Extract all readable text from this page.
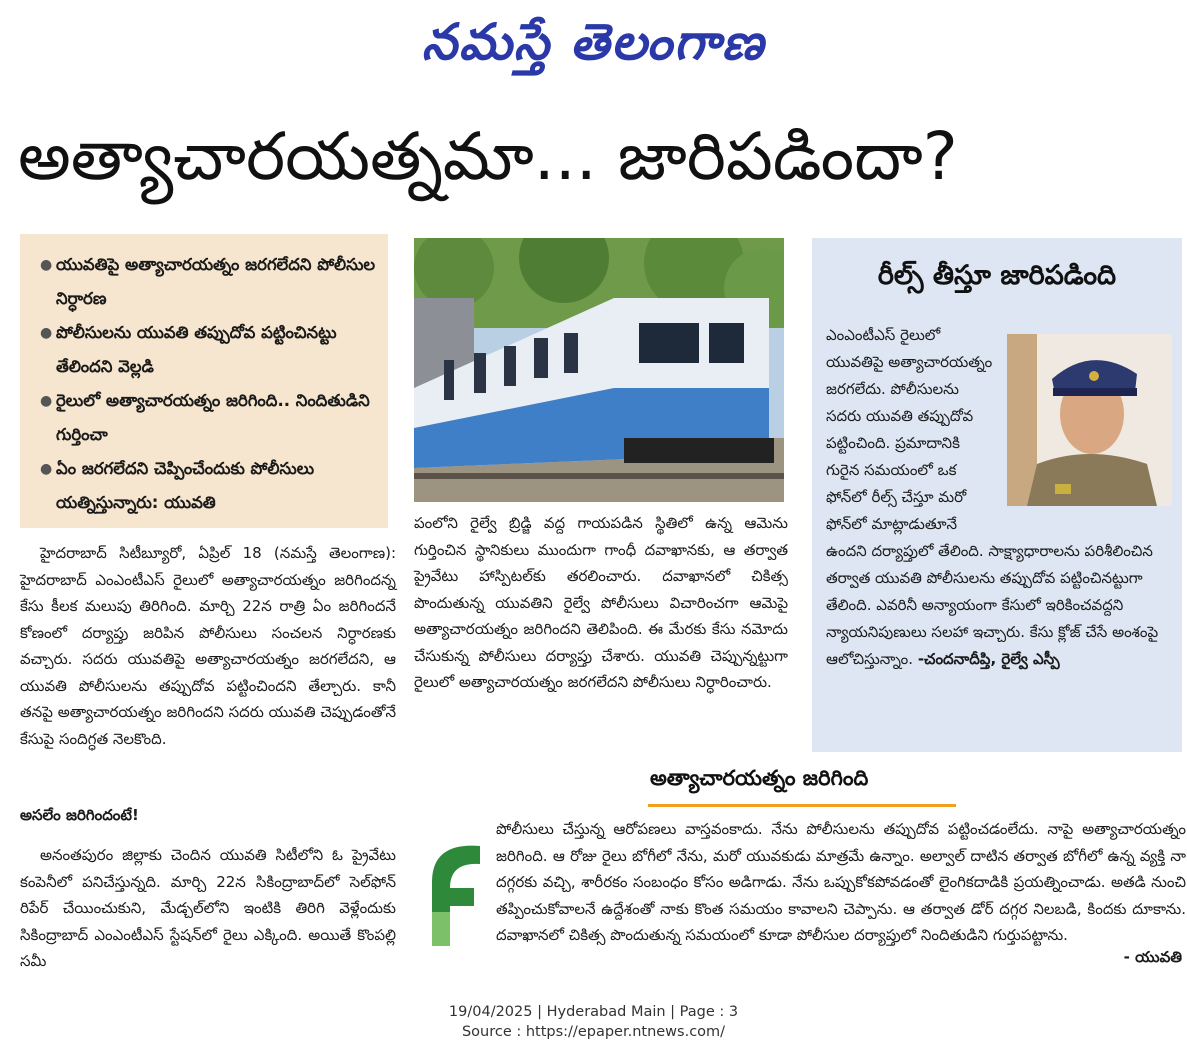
నమస్తే తెలంగాణ
అత్యాచారయత్నమా... జారిపడిందా?
● యువతిపై అత్యాచారయత్నం జరగలేదని పోలీసుల నిర్ధారణ
● పోలీసులను యువతి తప్పుదోవ పట్టించినట్టు తేలిందని వెల్లడి
● రైలులో అత్యాచారయత్నం జరిగింది.. నిందితుడిని గుర్తించా
● ఏం జరగలేదని చెప్పించేందుకు పోలీసులు యత్నిస్తున్నారు: యువతి
రీల్స్ తీస్తూ జారిపడింది
ఎంఎంటీఎస్ రైలులో యువతిపై అత్యాచారయత్నం జరగలేదు. పోలీసులను సదరు యువతి తప్పుదోవ పట్టించింది. ప్రమాదానికి గురైన సమయంలో ఒక ఫోన్‌లో రీల్స్ చేస్తూ మరో ఫోన్‌లో మాట్లాడుతూనే ఉందని దర్యాప్తులో తేలింది. సాక్ష్యాధారాలను పరిశీలించిన తర్వాత యువతి పోలీసులను తప్పుదోవ పట్టించినట్టుగా తేలింది. ఎవరినీ అన్యాయంగా కేసులో ఇరికించవద్దని న్యాయనిపుణులు సలహా ఇచ్చారు. కేసు క్లోజ్ చేసే అంశంపై ఆలోచిస్తున్నాం. -చందనాదీప్తి, రైల్వే ఎస్పీ

హైదరాబాద్ సిటీబ్యూరో, ఏప్రిల్ 18 (నమస్తే తెలంగాణ): హైదరాబాద్ ఎంఎంటీఎస్ రైలులో అత్యాచారయత్నం జరిగిందన్న కేసు కీలక మలుపు తిరిగింది. మార్చి 22న రాత్రి ఏం జరిగిందనే కోణంలో దర్యాప్తు జరిపిన పోలీసులు సంచలన నిర్ధారణకు వచ్చారు. సదరు యువతిపై అత్యాచారయత్నం జరగలేదని, ఆ యువతి పోలీసులను తప్పుదోవ పట్టించిందని తేల్చారు. కానీ తనపై అత్యాచారయత్నం జరిగిందని సదరు యువతి చెప్పుడంతోనే కేసుపై సందిగ్ధత నెలకొంది.

అసలేం జరిగిందంటే!
అనంతపురం జిల్లాకు చెందిన యువతి సిటీలోని ఓ ప్రైవేటు కంపెనీలో పనిచేస్తున్నది. మార్చి 22న సికింద్రాబాద్‌లో సెల్‌ఫోన్ రిపేర్ చేయించుకుని, మేడ్చల్‌లోని ఇంటికి తిరిగి వెళ్లేందుకు సికింద్రాబాద్ ఎంఎంటీఎస్ స్టేషన్‌లో రైలు ఎక్కింది. అయితే కొంపల్లి సమీ
పంలోని రైల్వే బ్రిడ్జి వద్ద గాయపడిన స్థితిలో ఉన్న ఆమెను గుర్తించిన స్థానికులు ముందుగా గాంధీ దవాఖానకు, ఆ తర్వాత ప్రైవేటు హాస్పిటల్‌కు తరలించారు. దవాఖానలో చికిత్స పొందుతున్న యువతిని రైల్వే పోలీసులు విచారించగా ఆమెపై అత్యాచారయత్నం జరిగిందని తెలిపింది. ఈ మేరకు కేసు నమోదు చేసుకున్న పోలీసులు దర్యాప్తు చేశారు. యువతి చెప్పున్నట్టుగా రైలులో అత్యాచారయత్నం జరగలేదని పోలీసులు నిర్ధారించారు.
అత్యాచారయత్నం జరిగింది
పోలీసులు చేస్తున్న ఆరోపణలు వాస్తవంకాదు. నేను పోలీసులను తప్పుదోవ పట్టించడంలేదు. నాపై అత్యాచారయత్నం జరిగింది. ఆ రోజు రైలు బోగీలో నేను, మరో యువకుడు మాత్రమే ఉన్నాం. అల్వాల్ దాటిన తర్వాత బోగీలో ఉన్న వ్యక్తి నా దగ్గరకు వచ్చి, శారీరకం సంబంధం కోసం అడిగాడు. నేను ఒప్పుకోకపోవడంతో లైంగికదాడికి ప్రయత్నించాడు. అతడి నుంచి తప్పించుకోవాలనే ఉద్దేశంతో నాకు కొంత సమయం కావాలని చెప్పాను. ఆ తర్వాత డోర్ దగ్గర నిలబడి, కిందకు దూకాను. దవాఖానలో చికిత్స పొందుతున్న సమయంలో కూడా పోలీసుల దర్యాప్తులో నిందితుడిని గుర్తుపట్టాను.
- యువతి
19/04/2025 | Hyderabad Main | Page : 3
Source : https://epaper.ntnews.com/
